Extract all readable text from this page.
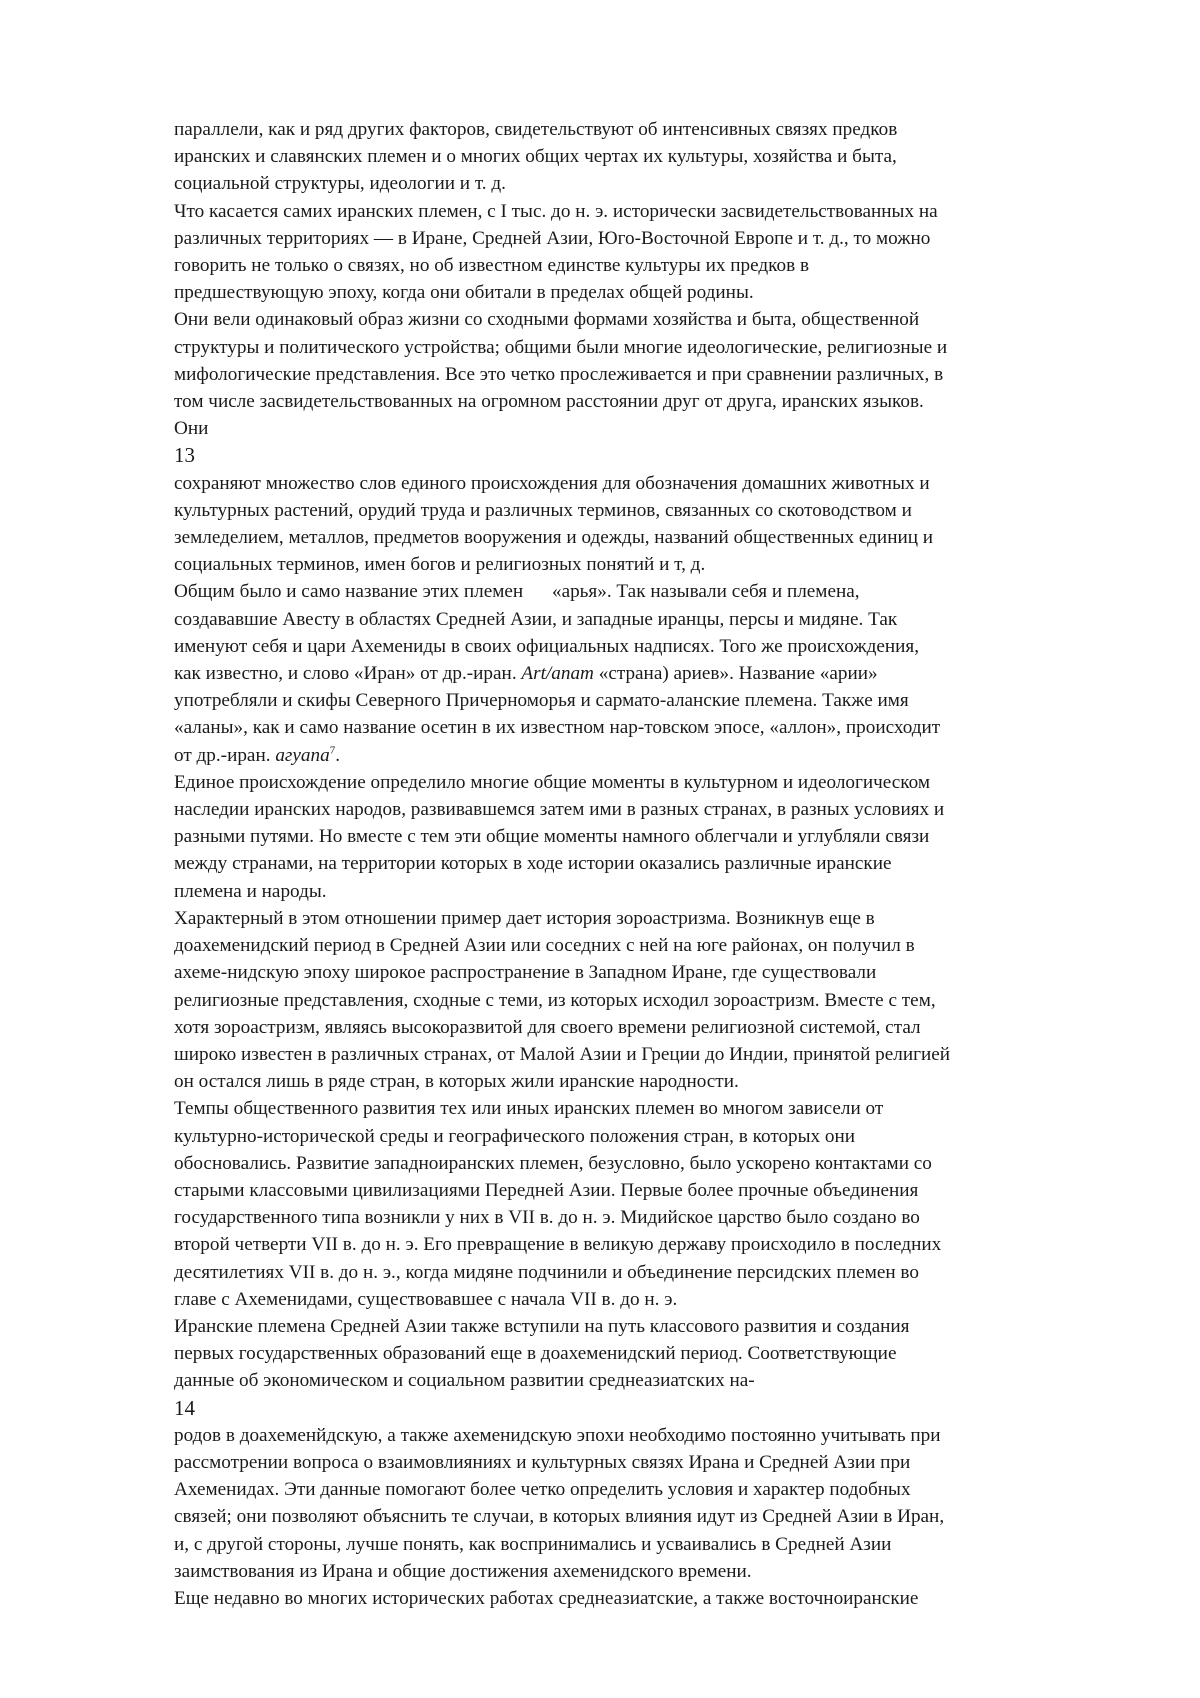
параллели, как и ряд других факторов, свидетельствуют об интенсивных связях предков
иранских и славянских племен и о многих общих чертах их культуры, хозяйства и быта,
социальной структуры, идеологии и т. д.

Что касается самих иранских племен, с I тыс. до н. э. исторически засвидетельствованных на
различных территориях — в Иране, Средней Азии, Юго-Восточной Европе и т. д., то можно
говорить не только о связях, но об известном единстве культуры их предков в
предшествующую эпоху, когда они обитали в пределах общей родины.

Они вели одинаковый образ жизни со сходными формами хозяйства и быта, общественной
структуры и политического устройства; общими были многие идеологические, религиозные и
мифологические представления. Все это четко прослеживается и при сравнении различных, в
том числе засвидетельствованных на огромном расстоянии друг от друга, иранских языков.
Они

13

сохраняют множество слов единого происхождения для обозначения домашних животных и
культурных растений, орудий труда и различных терминов, связанных со скотоводством и
земледелием, металлов, предметов вооружения и одежды, названий общественных единиц и
социальных терминов, имен богов и религиозных понятий и т, д.

Общим было и само название этих племен      «арья». Так называли себя и племена,
создававшие Авесту в областях Средней Азии, и западные иранцы, персы и мидяне. Так
именуют себя и цари Ахемениды в своих официальных надписях. Того же происхождения,
как известно, и слово «Иран» от др.-иран. Art/anam «страна) ариев». Название «арии»
употребляли и скифы Северного Причерноморья и сармато-аланские племена. Также имя
«аланы», как и само название осетин в их известном нар-товском эпосе, «аллон», происходит
от др.-иран. агуапа$^7$.

Единое происхождение определило многие общие моменты в культурном и идеологическом
наследии иранских народов, развивавшемся затем ими в разных странах, в разных условиях и
разными путями. Но вместе с тем эти общие моменты намного облегчали и углубляли связи
между странами, на территории которых в ходе истории оказались различные иранские
племена и народы.

Характерный в этом отношении пример дает история зороастризма. Возникнув еще в
доахеменидский период в Средней Азии или соседних с ней на юге районах, он получил в
ахеме-нидскую эпоху широкое распространение в Западном Иране, где существовали
религиозные представления, сходные с теми, из которых исходил зороастризм. Вместе с тем,
хотя зороастризм, являясь высокоразвитой для своего времени религиозной системой, стал
широко известен в различных странах, от Малой Азии и Греции до Индии, принятой религией
он остался лишь в ряде стран, в которых жили иранские народности.

Темпы общественного развития тех или иных иранских племен во многом зависели от
культурно-исторической среды и географического положения стран, в которых они
обосновались. Развитие западноиранских племен, безусловно, было ускорено контактами со
старыми классовыми цивилизациями Передней Азии. Первые более прочные объединения
государственного типа возникли у них в VII в. до н. э. Мидийское царство было создано во
второй четверти VII в. до н. э. Его превращение в великую державу происходило в последних
десятилетиях VII в. до н. э., когда мидяне подчинили и объединение персидских племен во
главе с Ахеменидами, существовавшее с начала VII в. до н. э.

Иранские племена Средней Азии также вступили на путь классового развития и создания
первых государственных образований еще в доахеменидский период. Соответствующие
данные об экономическом и социальном развитии среднеазиатских на-

14

родов в доахеменйдскую, а также ахеменидскую эпохи необходимо постоянно учитывать при
рассмотрении вопроса о взаимовлияниях и культурных связях Ирана и Средней Азии при
Ахеменидах. Эти данные помогают более четко определить условия и характер подобных
связей; они позволяют объяснить те случаи, в которых влияния идут из Средней Азии в Иран,
и, с другой стороны, лучше понять, как воспринимались и усваивались в Средней Азии
заимствования из Ирана и общие достижения ахеменидского времени.

Еще недавно во многих исторических работах среднеазиатские, а также восточноиранские
